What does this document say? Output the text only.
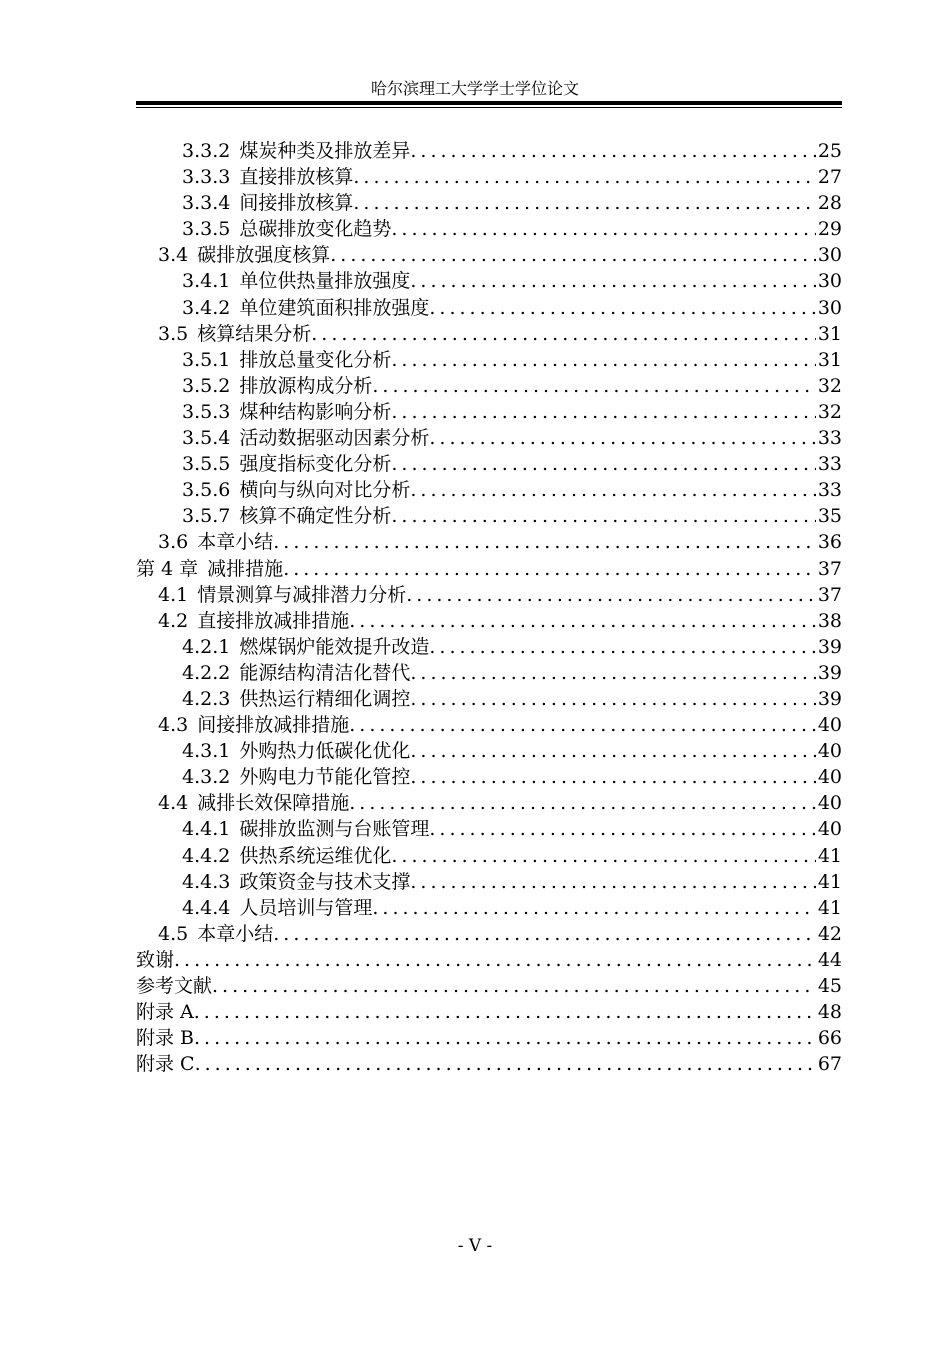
哈尔滨理工大学学士学位论文
3.3.2 煤炭种类及排放差异 .....	25
3.3.3 直接排放核算 .....	27
3.3.4 间接排放核算 .....	28
3.3.5 总碳排放变化趋势 .....	29
3.4 碳排放强度核算 .....	30
3.4.1 单位供热量排放强度 .....	30
3.4.2 单位建筑面积排放强度 .....	30
3.5 核算结果分析 .....	31
3.5.1 排放总量变化分析 .....	31
3.5.2 排放源构成分析 .....	32
3.5.3 煤种结构影响分析 .....	32
3.5.4 活动数据驱动因素分析 .....	33
3.5.5 强度指标变化分析 .....	33
3.5.6 横向与纵向对比分析 .....	33
3.5.7 核算不确定性分析 .....	35
3.6 本章小结 .....	36
第 4 章 减排措施 .....	37
4.1 情景测算与减排潜力分析 .....	37
4.2 直接排放减排措施 .....	38
4.2.1 燃煤锅炉能效提升改造 .....	39
4.2.2 能源结构清洁化替代 .....	39
4.2.3 供热运行精细化调控 .....	39
4.3 间接排放减排措施 .....	40
4.3.1 外购热力低碳化优化 .....	40
4.3.2 外购电力节能化管控 .....	40
4.4 减排长效保障措施 .....	40
4.4.1 碳排放监测与台账管理 .....	40
4.4.2 供热系统运维优化 .....	41
4.4.3 政策资金与技术支撑 .....	41
4.4.4 人员培训与管理 .....	41
4.5 本章小结 .....	42
致谢 .....	44
参考文献 .....	45
附录 A .....	48
附录 B .....	66
附录 C .....	67
- V -
